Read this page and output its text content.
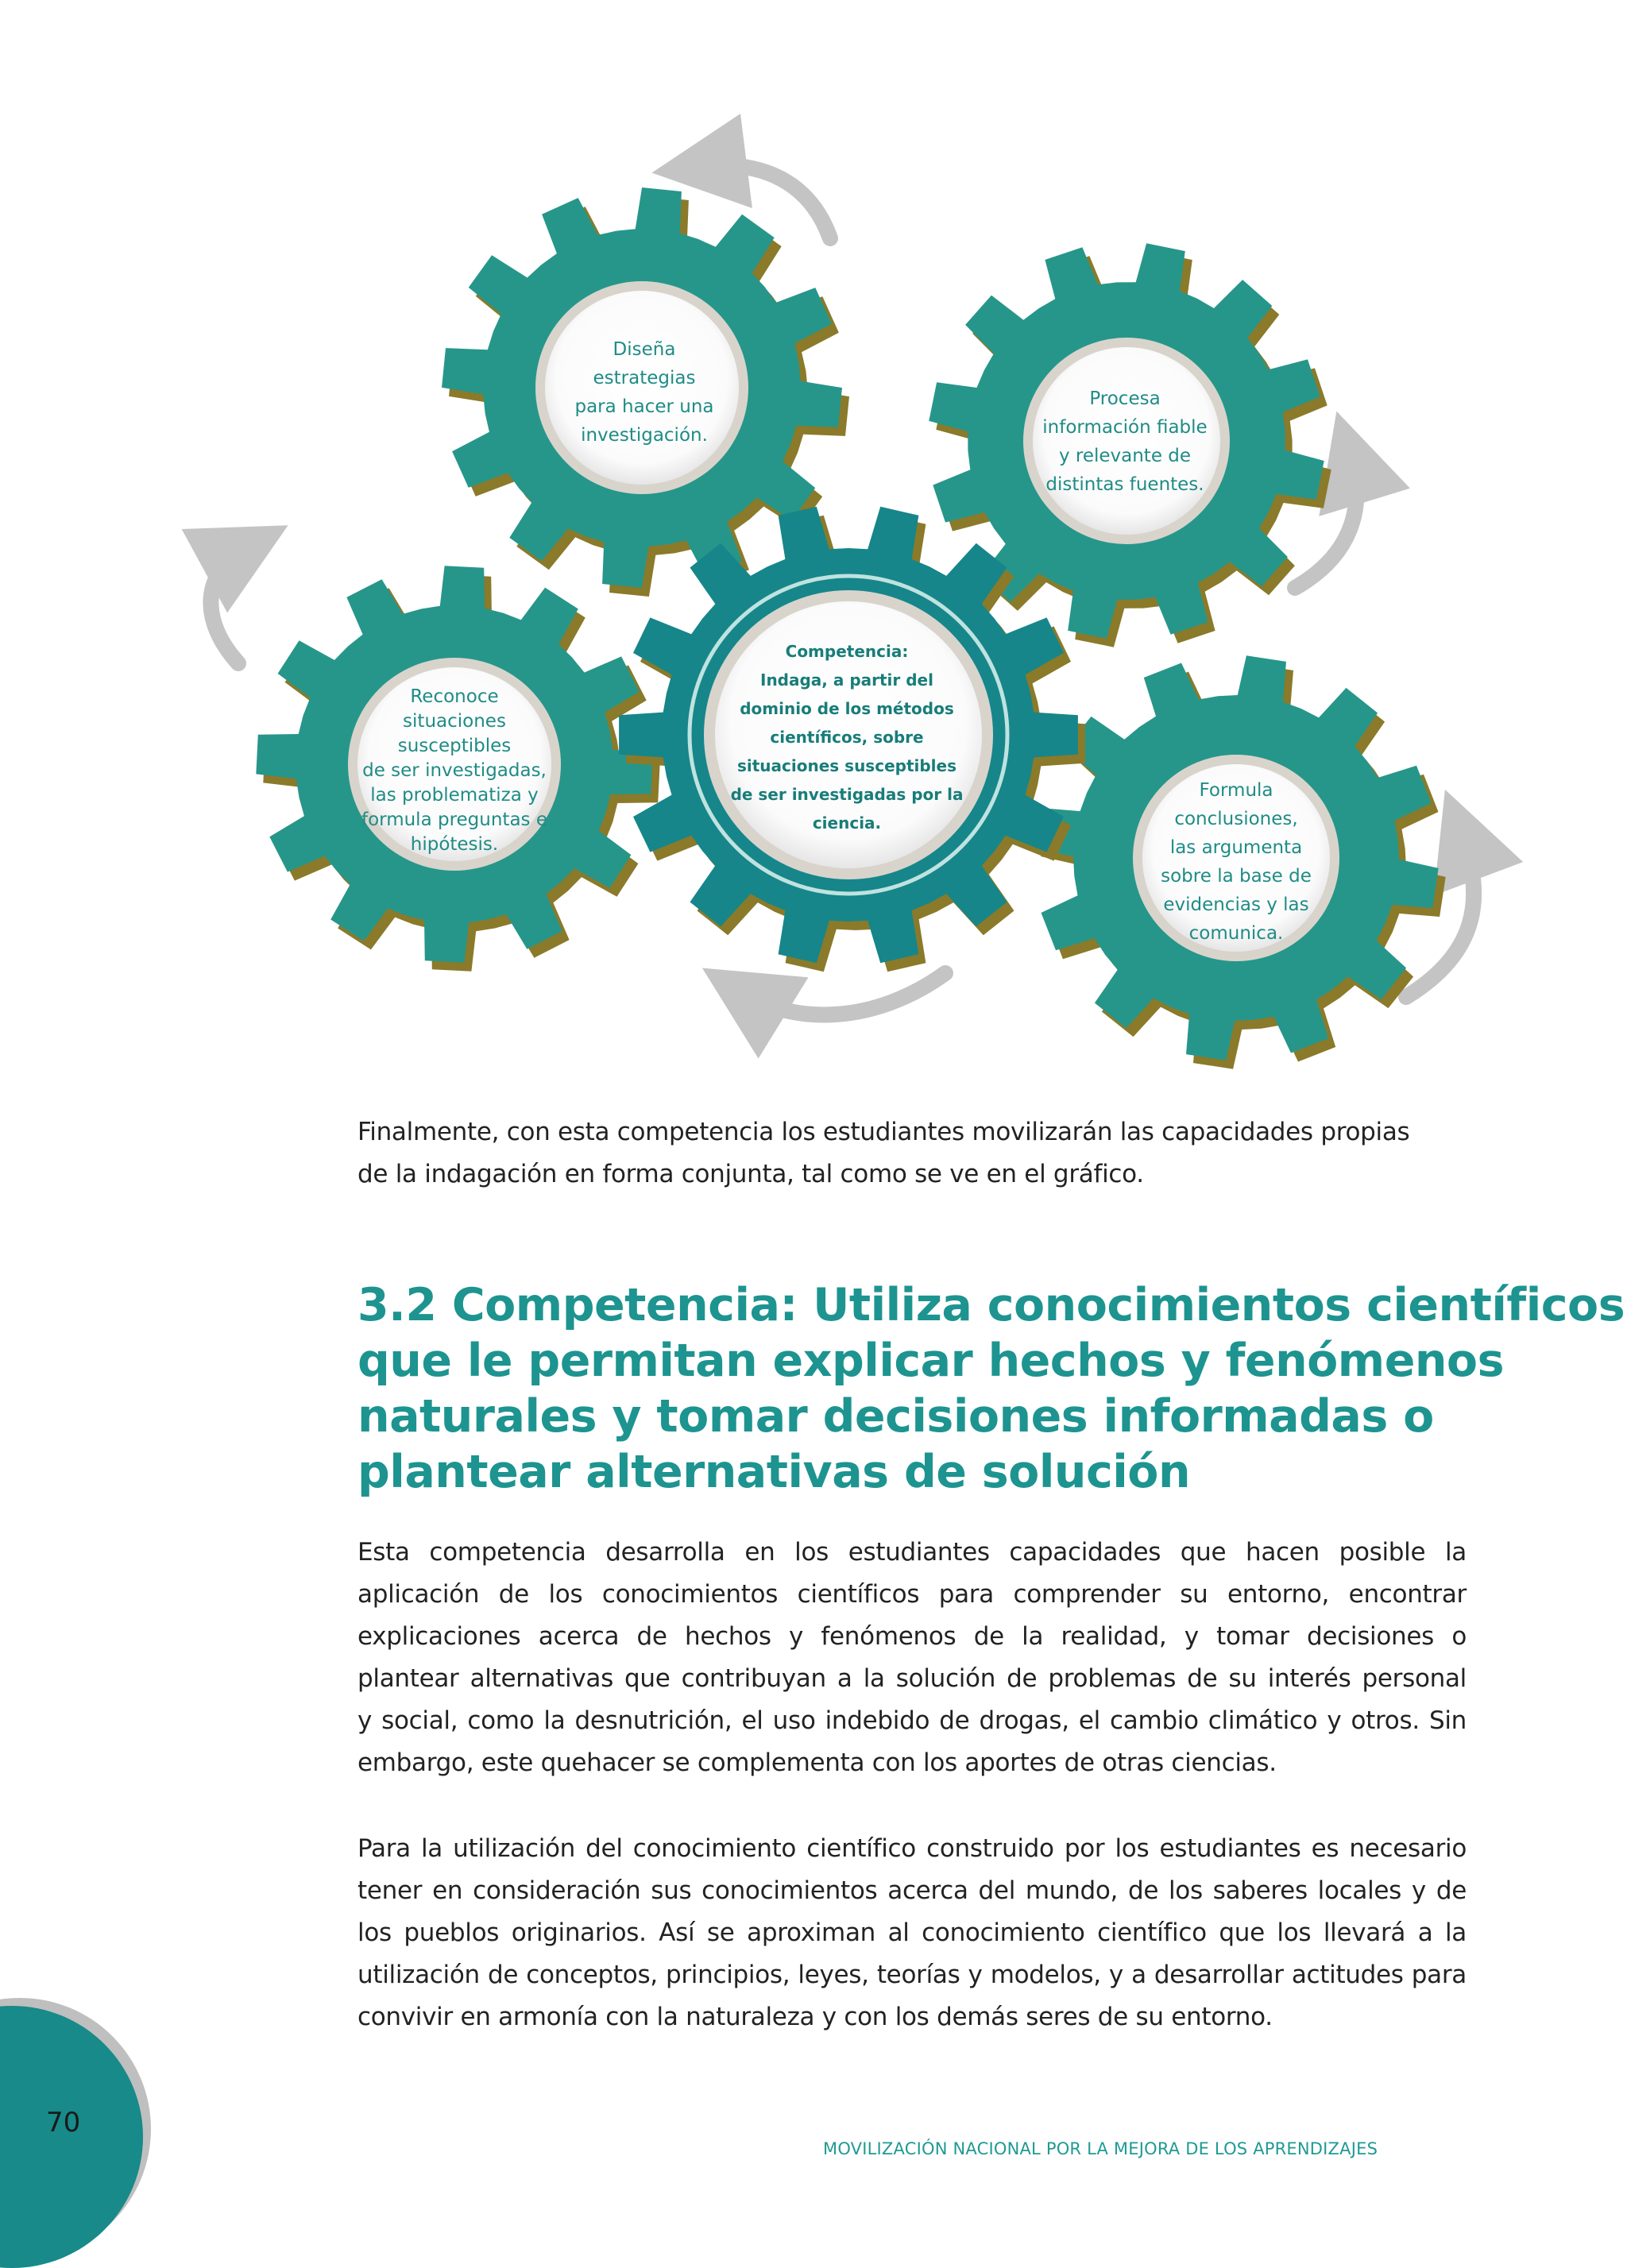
Diseña
estrategias
para hacer una
investigación.
Procesa
información fiable
y relevante de
distintas fuentes.
Reconoce
situaciones
susceptibles
de ser investigadas,
las problematiza y
formula preguntas e
hipótesis.
Competencia:
Indaga, a partir del
dominio de los métodos
científicos, sobre
situaciones susceptibles
de ser investigadas por la
ciencia.
Formula
conclusiones,
las argumenta
sobre la base de
evidencias y las
comunica.
Finalmente, con esta competencia los estudiantes movilizarán las capacidades propias
de la indagación en forma conjunta, tal como se ve en el gráfico.
3.2 Competencia: Utiliza conocimientos científicos
que le permitan explicar hechos y fenómenos
naturales y tomar decisiones informadas o
plantear alternativas de solución
Esta competencia desarrolla en los estudiantes capacidades que hacen posible la
aplicación de los conocimientos científicos para comprender su entorno, encontrar
explicaciones acerca de hechos y fenómenos de la realidad, y tomar decisiones o
plantear alternativas que contribuyan a la solución de problemas de su interés personal
y social, como la desnutrición, el uso indebido de drogas, el cambio climático y otros. Sin
embargo, este quehacer se complementa con los aportes de otras ciencias.
Para la utilización del conocimiento científico construido por los estudiantes es necesario
tener en consideración sus conocimientos acerca del mundo, de los saberes locales y de
los pueblos originarios. Así se aproximan al conocimiento científico que los llevará a la
utilización de conceptos, principios, leyes, teorías y modelos, y a desarrollar actitudes para
convivir en armonía con la naturaleza y con los demás seres de su entorno.
70
MOVILIZACIÓN NACIONAL POR LA MEJORA DE LOS APRENDIZAJES
